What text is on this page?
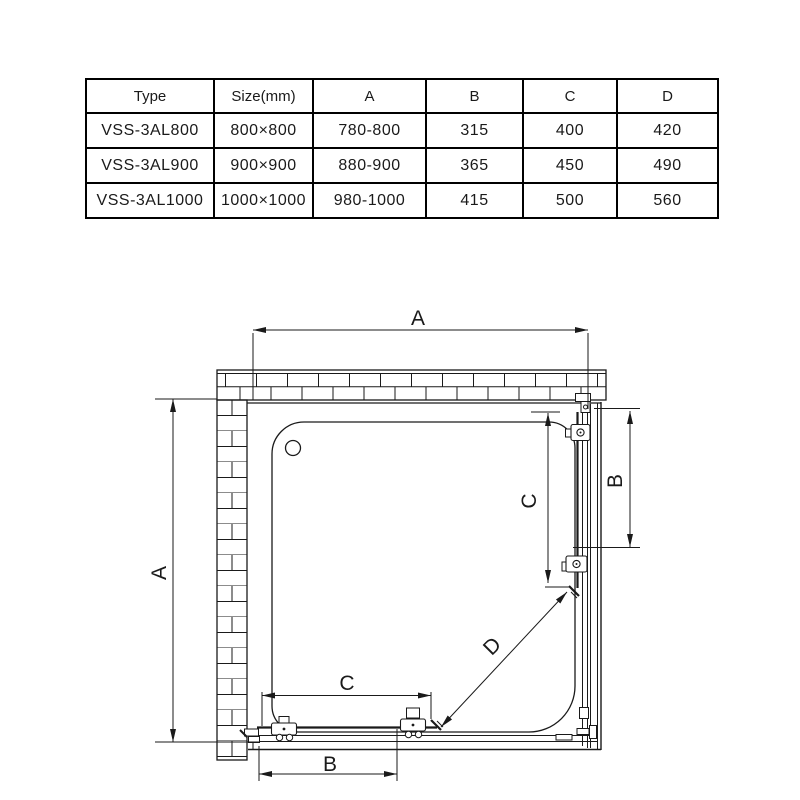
Type	Size(mm)	A	B	C	D
VSS-3AL800	800×800	780-800	315	400	420
VSS-3AL900	900×900	880-900	365	450	490
VSS-3AL1000	1000×1000	980-1000	415	500	560
A
A
B
C
C
B
D
